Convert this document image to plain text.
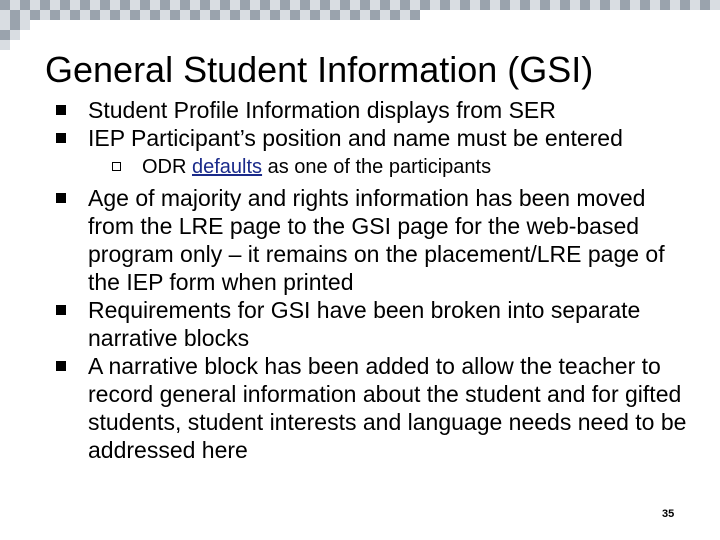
General Student Information (GSI)
Student Profile Information displays from SER
IEP Participant’s position and name must be entered
ODR defaults as one of the participants
Age of majority and rights information has been moved from the LRE page to the GSI page for the web-based program only – it remains on the placement/LRE page of the IEP form when printed
Requirements for GSI have been broken into separate narrative blocks
A narrative block has been added to allow the teacher to record general information about the student and for gifted students, student interests and language needs need to be addressed here
35
